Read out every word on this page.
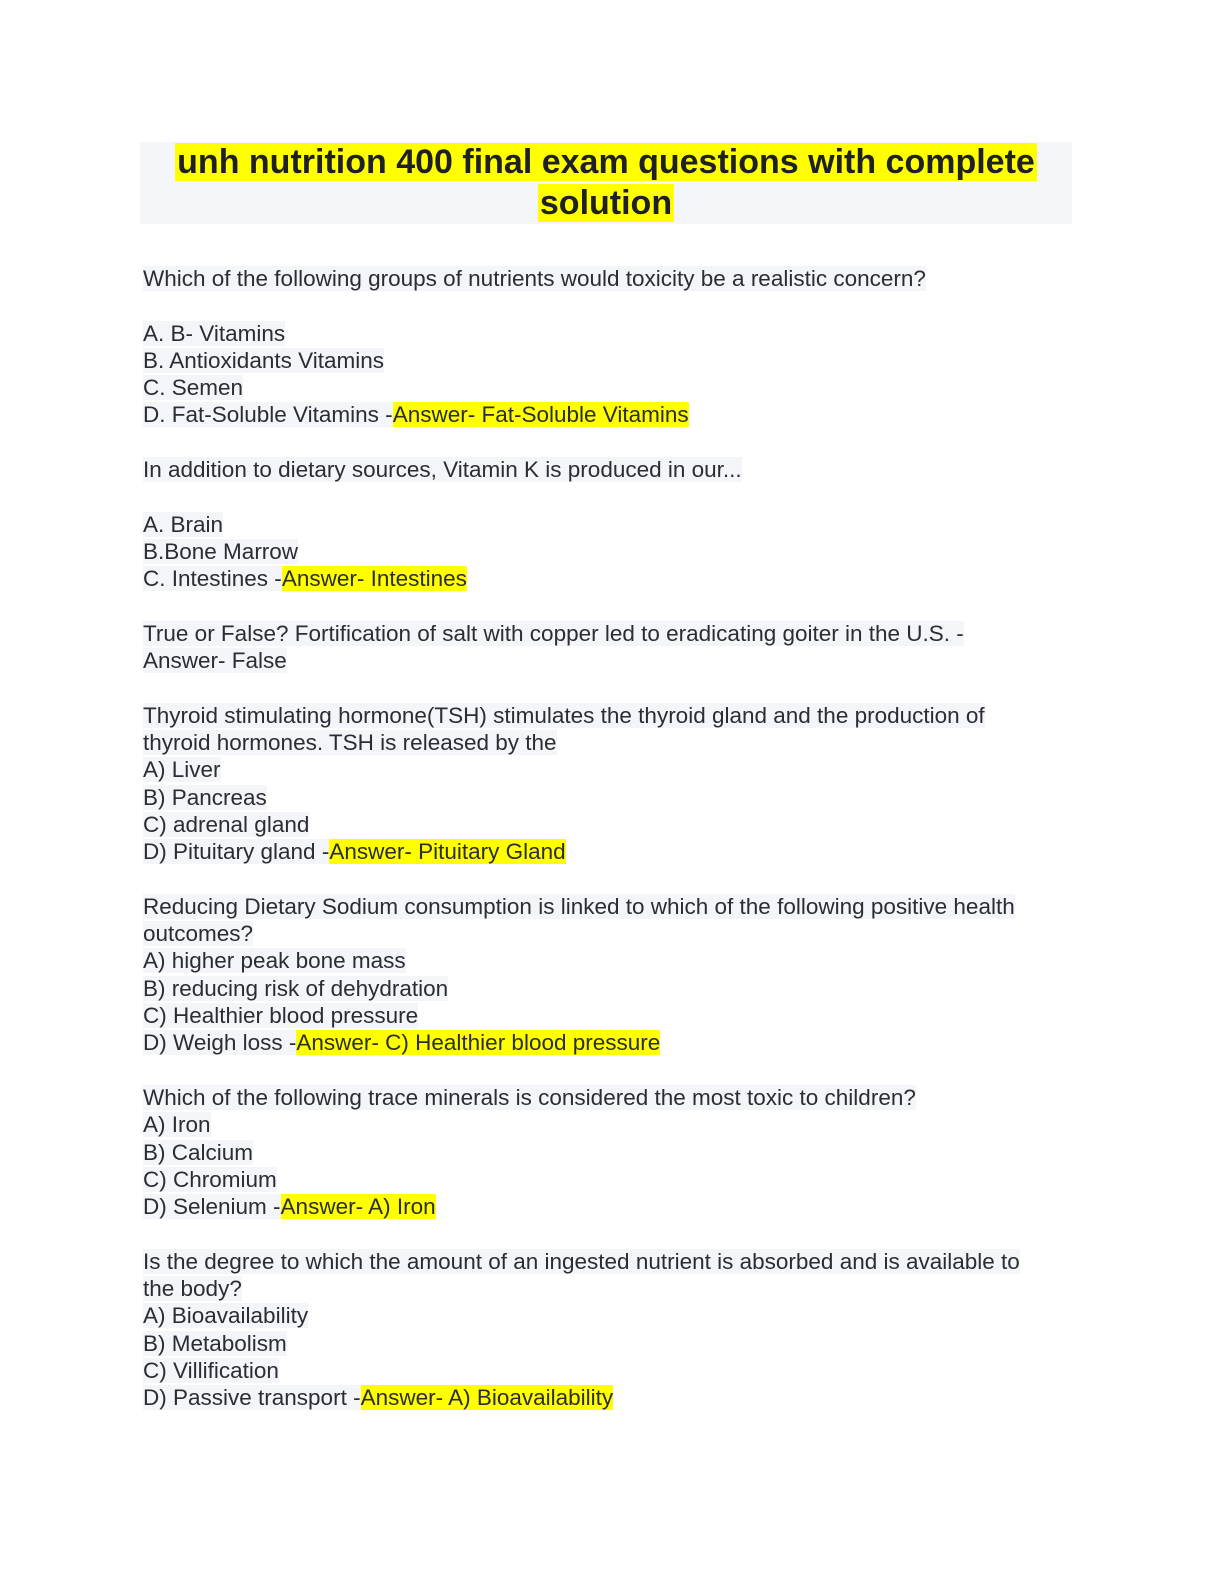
unh nutrition 400 final exam questions with complete
solution
Which of the following groups of nutrients would toxicity be a realistic concern?
A. B- Vitamins
B. Antioxidants Vitamins
C. Semen
D. Fat-Soluble Vitamins -Answer- Fat-Soluble Vitamins
In addition to dietary sources, Vitamin K is produced in our...
A. Brain
B.Bone Marrow
C. Intestines -Answer- Intestines
True or False? Fortification of salt with copper led to eradicating goiter in the U.S. -
Answer- False
Thyroid stimulating hormone(TSH) stimulates the thyroid gland and the production of
thyroid hormones. TSH is released by the
A) Liver
B) Pancreas
C) adrenal gland
D) Pituitary gland -Answer- Pituitary Gland
Reducing Dietary Sodium consumption is linked to which of the following positive health
outcomes?
A) higher peak bone mass
B) reducing risk of dehydration
C) Healthier blood pressure
D) Weigh loss -Answer- C) Healthier blood pressure
Which of the following trace minerals is considered the most toxic to children?
A) Iron
B) Calcium
C) Chromium
D) Selenium -Answer- A) Iron
Is the degree to which the amount of an ingested nutrient is absorbed and is available to
the body?
A) Bioavailability
B) Metabolism
C) Villification
D) Passive transport -Answer- A) Bioavailability
